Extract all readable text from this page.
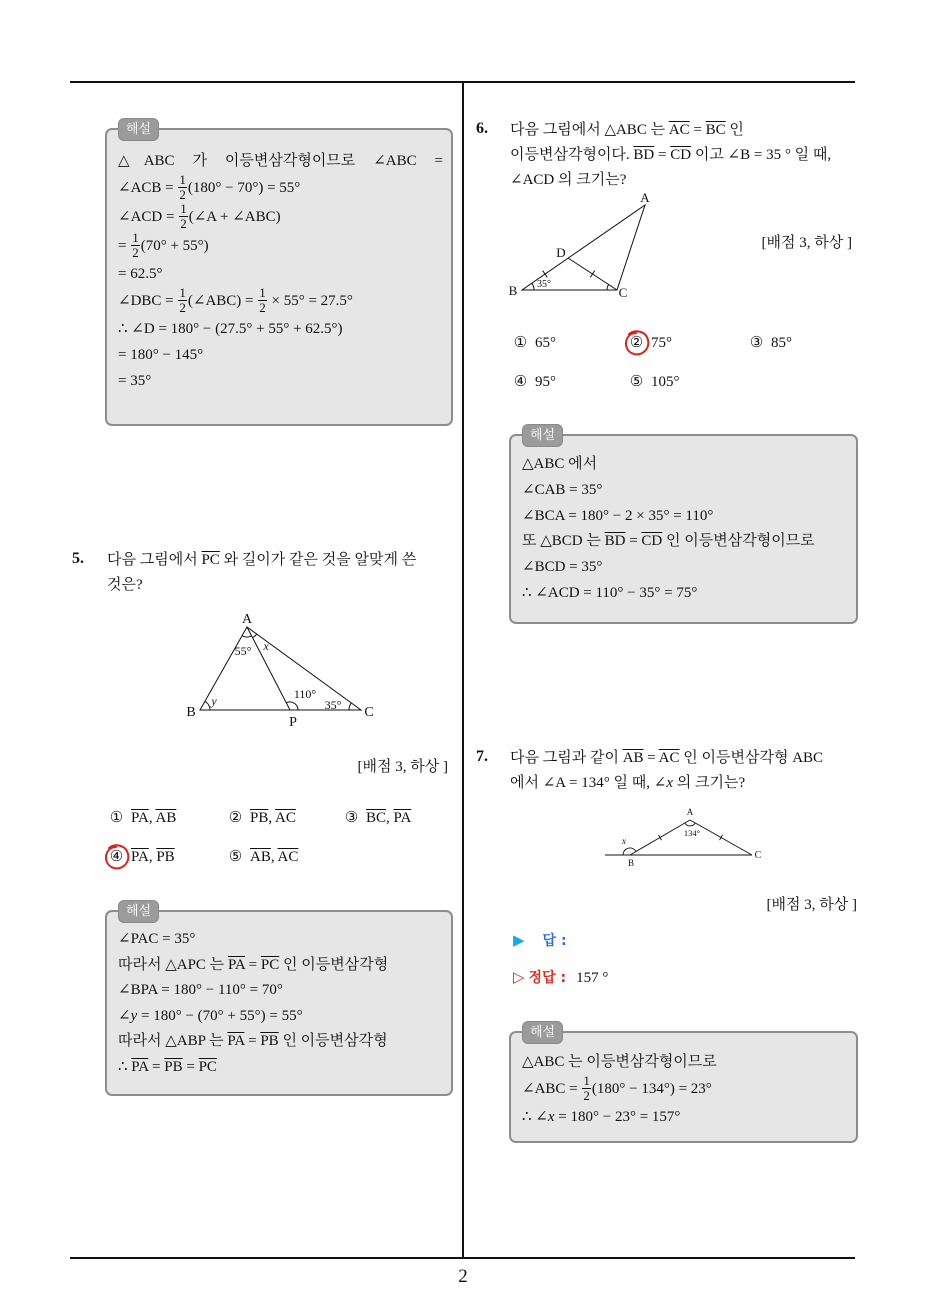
해설
△ABC 가 이등변삼각형이므로 ∠ABC =
∠ACB = $\frac{1}{2} (180^\circ - 70^\circ) = 55^\circ$
∠ACD = $\frac{1}{2}$ (∠A + ∠ABC)
= $\frac{1}{2} (70^\circ + 55^\circ)$
= 62.5°
∠DBC = $\frac{1}{2}$ (∠ABC) = $\frac{1}{2} \times 55^\circ = 27.5^\circ$
∴ ∠D = 180° − (27.5° + 55° + 62.5°)
= 180° − 145°
= 35°
5. 다음 그림에서 $\overline{PC}$ 와 길이가 같은 것을 알맞게 쓴
것은?
A
B
P
C
55° x
y	110°
35°
[배점 3, 하상 ]
① $\overline{PA}$, $\overline{AB}$	② $\overline{PB}$, $\overline{AC}$	③ $\overline{BC}$, $\overline{PA}$
④ $\overline{PA}$, $\overline{PB}$	⑤ $\overline{AB}$, $\overline{AC}$
해설
∠PAC = 35°
따라서 △APC 는 $\overline{PA} = \overline{PC}$ 인 이등변삼각형
∠BPA = 180° − 110° = 70°
∠y = 180° − (70° + 55°) = 55°
따라서 △ABP 는 $\overline{PA} = \overline{PB}$ 인 이등변삼각형
∴ $\overline{PA} = \overline{PB} = \overline{PC}$
6. 다음 그림에서 △ABC 는 $\overline{AC} = \overline{BC}$ 인
이등변삼각형이다. $\overline{BD} = \overline{CD}$ 이고 ∠B = 35 ° 일 때,
∠ACD 의 크기는?
A
D
B	C
35°
[배점 3, 하상 ]
① 65°	② 75°	③ 85°
④ 95°	⑤ 105°
해설
△ABC 에서
∠CAB = 35°
∠BCA = 180° − 2 × 35° = 110°
또 △BCD 는 $\overline{BD} = \overline{CD}$ 인 이등변삼각형이므로
∠BCD = 35°
∴ ∠ACD = 110° − 35° = 75°
7. 다음 그림과 같이 $\overline{AB} = \overline{AC}$ 인 이등변삼각형 ABC
에서 ∠A = 134° 일 때, ∠x 의 크기는?
A
B
C
134°
x
[배점 3, 하상 ]
▶ 답 :
▷ 정답 : 157 °
해설
△ABC 는 이등변삼각형이므로
∠ABC = $\frac{1}{2} (180^\circ - 134^\circ) = 23^\circ$
∴ ∠x = 180° − 23° = 157°
2
